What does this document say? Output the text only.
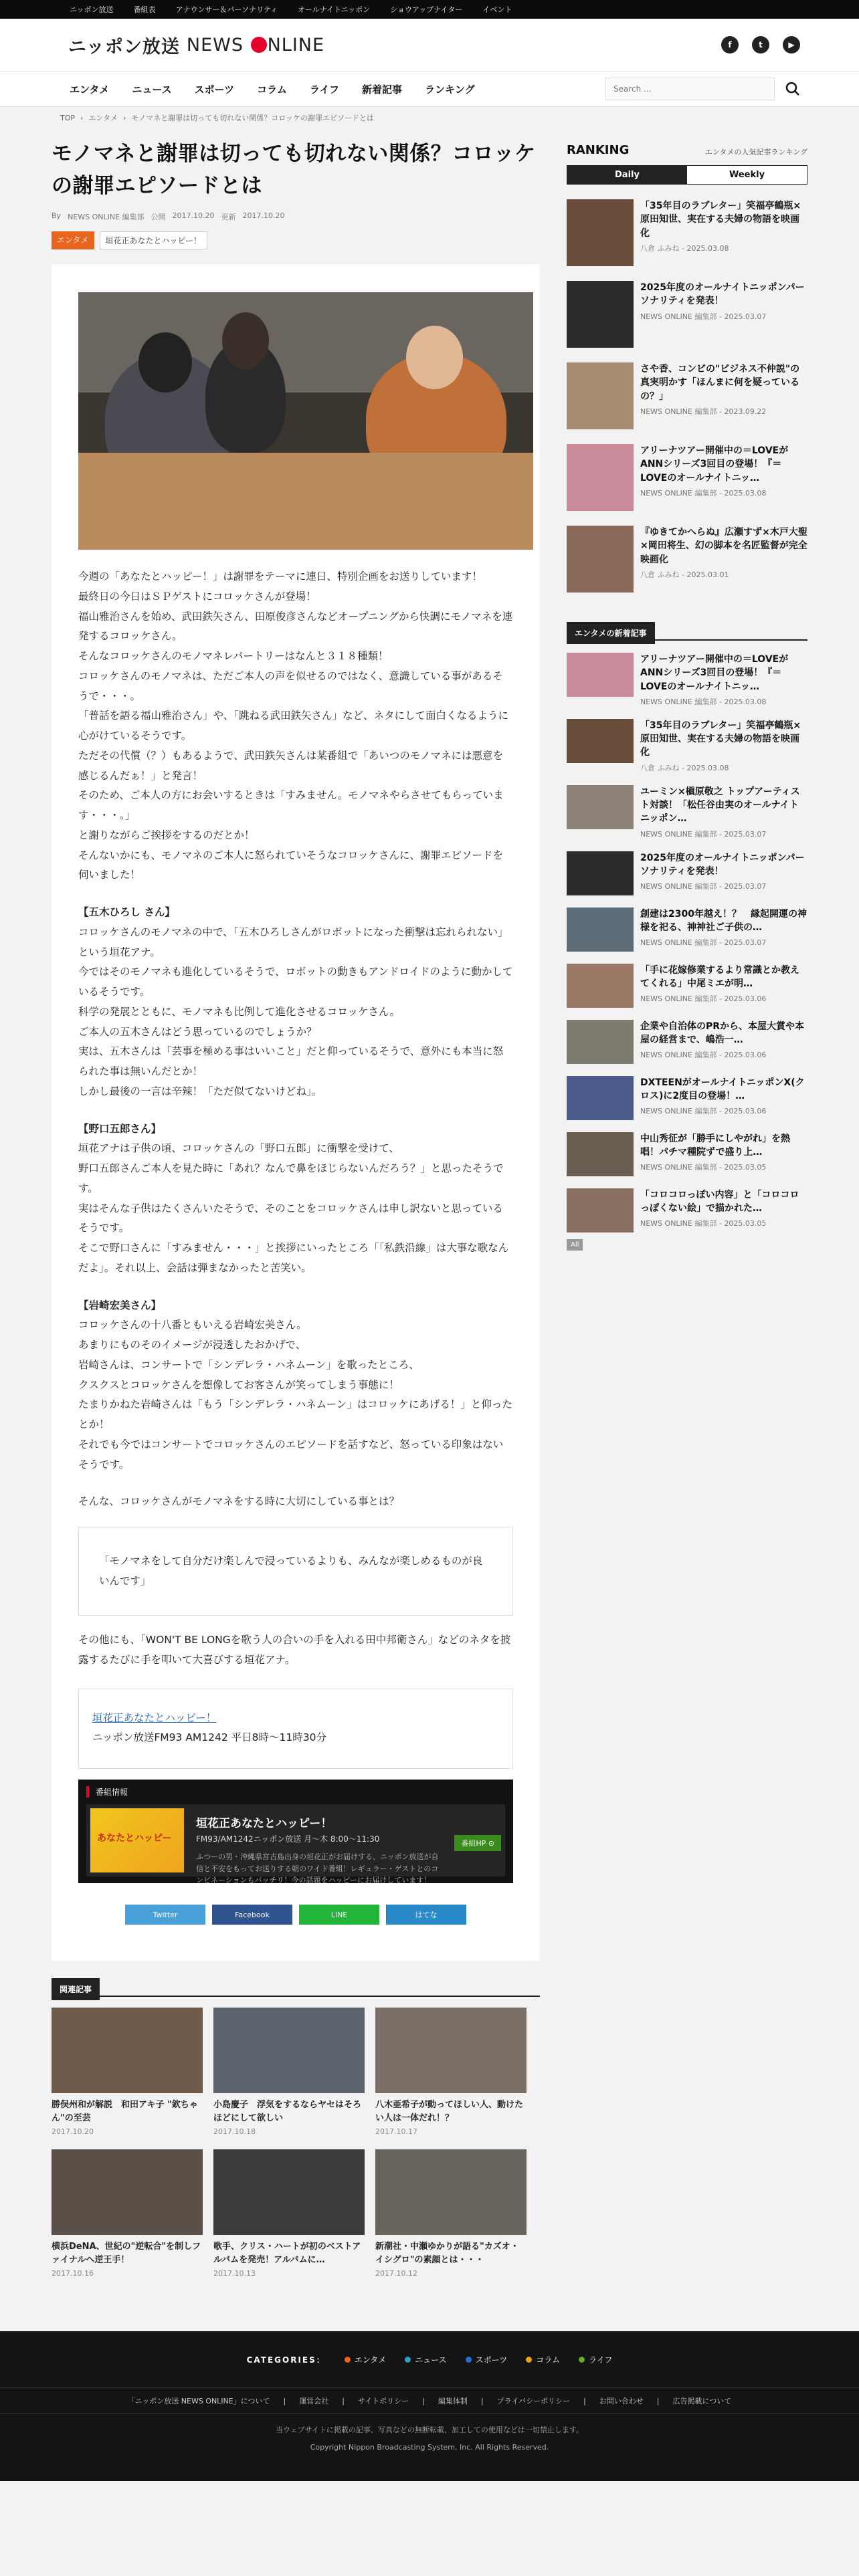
ニッポン放送	番組表	アナウンサー＆パーソナリティ	オールナイトニッポン	ショウアップナイター	イベント
ニッポン放送 NEWS NLINE	f	t	▶
エンタメ ニュース スポーツ コラム ライフ 新着記事 ランキング
Search ...
TOP › エンタメ › モノマネと謝罪は切っても切れない関係？コロッケの謝罪エピソードとは
モノマネと謝罪は切っても切れない関係？コロッケの謝罪エピソードとは
By NEWS ONLINE 編集部 公開 2017.10.20 更新 2017.10.20
エンタメ	垣花正あなたとハッピー！

今週の「あなたとハッピー！」は謝罪をテーマに連日、特別企画をお送りしています！

最終日の今日はＳＰゲストにコロッケさんが登場！

福山雅治さんを始め、武田鉄矢さん、田原俊彦さんなどオープニングから快調にモノマネを連発するコロッケさん。

そんなコロッケさんのモノマネレパートリーはなんと３１８種類！

コロッケさんのモノマネは、ただご本人の声を似せるのではなく、意識している事があるそうで・・・。

「普話を語る福山雅治さん」や、「跳ねる武田鉄矢さん」など、ネタにして面白くなるように心がけているそうです。

ただその代償（？）もあるようで、武田鉄矢さんは某番組で「あいつのモノマネには悪意を感じるんだぁ！」と発言！

そのため、ご本人の方にお会いするときは「すみません。モノマネやらさせてもらっています・・・。」

と謝りながらご挨拶をするのだとか！

そんないかにも、モノマネのご本人に怒られていそうなコロッケさんに、謝罪エピソードを伺いました！

【五木ひろし さん】

コロッケさんのモノマネの中で、「五木ひろしさんがロボットになった衝撃は忘れられない」という垣花アナ。

今ではそのモノマネも進化しているそうで、ロボットの動きもアンドロイドのように動かしているそうです。

科学の発展とともに、モノマネも比例して進化させるコロッケさん。

ご本人の五木さんはどう思っているのでしょうか？

実は、五木さんは「芸事を極める事はいいこと」だと仰っているそうで、意外にも本当に怒られた事は無いんだとか！

しかし最後の一言は辛辣！「ただ似てないけどね」。

【野口五郎さん】

垣花アナは子供の頃、コロッケさんの「野口五郎」に衝撃を受けて、

野口五郎さんご本人を見た時に「あれ？なんで鼻をほじらないんだろう？」と思ったそうです。

実はそんな子供はたくさんいたそうで、そのことをコロッケさんは申し訳ないと思っているそうです。

そこで野口さんに「すみません・・・」と挨拶にいったところ「「私鉄沿線」は大事な歌なんだよ」。それ以上、会話は弾まなかったと苦笑い。

【岩崎宏美さん】

コロッケさんの十八番ともいえる岩崎宏美さん。

あまりにものそのイメージが浸透したおかげで、

岩崎さんは、コンサートで「シンデレラ・ハネムーン」を歌ったところ、

クスクスとコロッケさんを想像してお客さんが笑ってしまう事態に！

たまりかねた岩崎さんは「もう「シンデレラ・ハネムーン」はコロッケにあげる！」と仰ったとか！

それでも今ではコンサートでコロッケさんのエピソードを話すなど、怒っている印象はないそうです。

そんな、コロッケさんがモノマネをする時に大切にしている事とは？

「モノマネをして自分だけ楽しんで浸っているよりも、みんなが楽しめるものが良いんです」

その他にも、「WON'T BE LONGを歌う人の合いの手を入れる田中邦衛さん」などのネタを披露するたびに手を叩いて大喜びする垣花アナ。

垣花正あなたとハッピー！

ニッポン放送FM93 AM1242 平日8時～11時30分

番組情報
あなたとハッピー
垣花正あなたとハッピー！
FM93/AM1242ニッポン放送 月～木 8:00～11:30
ふつーの男・沖縄県宮古島出身の垣花正がお届けする、ニッポン放送が自信と不安をもってお送りする朝のワイド番組！レギュラー・ゲストとのコンビネーションもバッチリ！今の話題をハッピーにお届けしています！
番組HP ⊙
Twitter	Facebook	LINE	はてな
関連記事
勝俣州和が解説　和田アキ子 "欽ちゃん"の至芸
2017.10.20
小島慶子　浮気をするならヤセはそろほどにして欲しい
2017.10.18
八木亜希子が動ってほしい人、動けたい人は一体だれ！？
2017.10.17
横浜DeNA、世紀の"逆転合"を制しファイナルへ逆王手！
2017.10.16
歌手、クリス・ハートが初のベストアルバムを発売！アルバムに…
2017.10.13
新潮社・中瀬ゆかりが語る"カズオ・イシグロ"の素顔とは・・・
2017.10.12
RANKING	エンタメの人気記事ランキング
Daily	Weekly
「35年目のラブレター」笑福亭鶴瓶×原田知世、実在する夫婦の物語を映画化
八倉 ふみね - 2025.03.08
2025年度のオールナイトニッポンパーソナリティを発表！
NEWS ONLINE 編集部 - 2025.03.07
さや香、コンビの"ビジネス不仲説"の真実明かす「ほんまに何を疑っているの？」
NEWS ONLINE 編集部 - 2023.09.22
アリーナツアー開催中の＝LOVEがANNシリーズ3回目の登場！『＝LOVEのオールナイトニッ…
NEWS ONLINE 編集部 - 2025.03.08
『ゆきてかへらぬ』広瀬すず×木戸大聖×岡田将生、幻の脚本を名匠監督が完全映画化
八倉 ふみね - 2025.03.01
エンタメの新着記事
アリーナツアー開催中の＝LOVEがANNシリーズ3回目の登場！『＝LOVEのオールナイトニッ…
NEWS ONLINE 編集部 - 2025.03.08
「35年目のラブレター」笑福亭鶴瓶×原田知世、実在する夫婦の物語を映画化
八倉 ふみね - 2025.03.08
ユーミン×槇原敬之 トップアーティスト対談！「松任谷由実のオールナイトニッポン…
NEWS ONLINE 編集部 - 2025.03.07
2025年度のオールナイトニッポンパーソナリティを発表！
NEWS ONLINE 編集部 - 2025.03.07
創建は2300年越え！？　縁起開運の神様を祀る、神神社ご子供の…
NEWS ONLINE 編集部 - 2025.03.07
「手に花嫁修業するより常識とか教えてくれる」中尾ミエが明…
NEWS ONLINE 編集部 - 2025.03.06
企業や自治体のPRから、本屋大賞や本屋の経営まで、嶋浩一…
NEWS ONLINE 編集部 - 2025.03.06
DXTEENがオールナイトニッポンX(クロス)に2度目の登場！…
NEWS ONLINE 編集部 - 2025.03.06
中山秀征が「勝手にしやがれ」を熱唱！パチマ種院ずで盛り上…
NEWS ONLINE 編集部 - 2025.03.05
「コロコロっぽい内容」と「コロコロっぽくない絵」で描かれた…
NEWS ONLINE 編集部 - 2025.03.05
All
CATEGORIES：	エンタメ	ニュース	スポーツ	コラム	ライフ
「ニッポン放送 NEWS ONLINE」について | 運営会社 | サイトポリシー | 編集体制 | プライバシーポリシー | お問い合わせ | 広告掲載について
当ウェブサイトに掲載の記事、写真などの無断転載、加工しての使用などは一切禁止します。
Copyright Nippon Broadcasting System, Inc. All Rights Reserved.
